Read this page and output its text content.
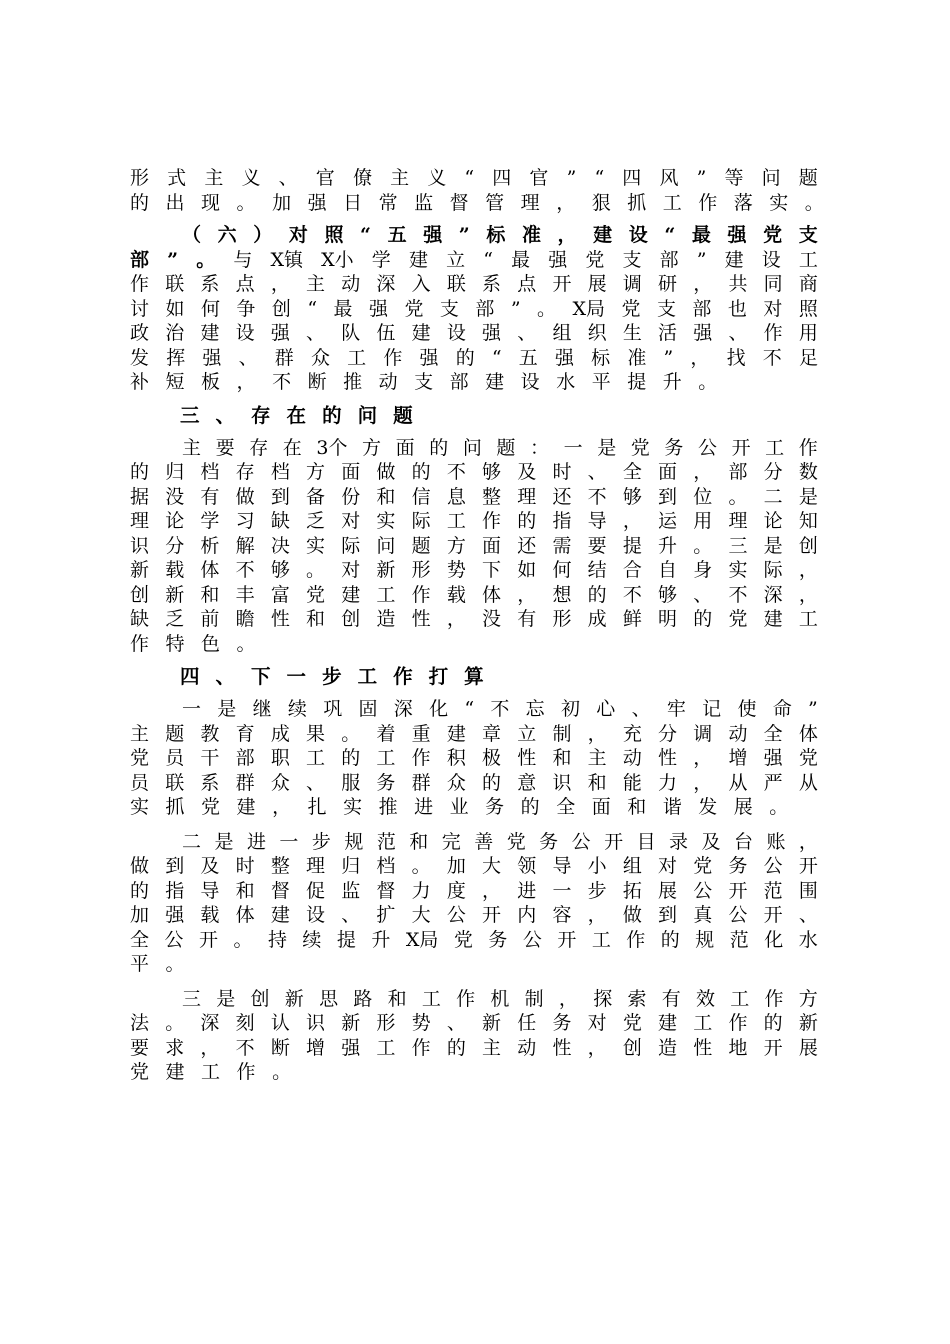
形 式 主 义 、 官 僚 主 义 “ 四 官 ” “ 四 风 ” 等 问 题
的 出 现 。 加 强 日 常 监 督 管 理 ， 狠 抓 工 作 落 实 。
（ 六 ） 对 照 “ 五 强 ” 标 准 ， 建 设 “ 最 强 党 支
部 ” 。 与 X镇 X小 学 建 立 “ 最 强 党 支 部 ” 建 设 工
作 联 系 点 ， 主 动 深 入 联 系 点 开 展 调 研 ， 共 同 商
讨 如 何 争 创 “ 最 强 党 支 部 ” 。 X局 党 支 部 也 对 照
政 治 建 设 强 、 队 伍 建 设 强 、 组 织 生 活 强 、 作 用
发 挥 强 、 群 众 工 作 强 的 “ 五 强 标 准 ” ， 找 不 足
补 短 板 ， 不 断 推 动 支 部 建 设 水 平 提 升 。
三 、 存 在 的 问 题
主 要 存 在 3个 方 面 的 问 题 ： 一 是 党 务 公 开 工 作
的 归 档 存 档 方 面 做 的 不 够 及 时 、 全 面 ， 部 分 数
据 没 有 做 到 备 份 和 信 息 整 理 还 不 够 到 位 。 二 是
理 论 学 习 缺 乏 对 实 际 工 作 的 指 导 ， 运 用 理 论 知
识 分 析 解 决 实 际 问 题 方 面 还 需 要 提 升 。 三 是 创
新 载 体 不 够 。 对 新 形 势 下 如 何 结 合 自 身 实 际 ，
创 新 和 丰 富 党 建 工 作 载 体 ， 想 的 不 够 、 不 深 ，
缺 乏 前 瞻 性 和 创 造 性 ， 没 有 形 成 鲜 明 的 党 建 工
作 特 色 。
四 、 下 一 步 工 作 打 算
一 是 继 续 巩 固 深 化 “ 不 忘 初 心 、 牢 记 使 命 ”
主 题 教 育 成 果 。 着 重 建 章 立 制 ， 充 分 调 动 全 体
党 员 干 部 职 工 的 工 作 积 极 性 和 主 动 性 ， 增 强 党
员 联 系 群 众 、 服 务 群 众 的 意 识 和 能 力 ， 从 严 从
实 抓 党 建 ， 扎 实 推 进 业 务 的 全 面 和 谐 发 展 。
二 是 进 一 步 规 范 和 完 善 党 务 公 开 目 录 及 台 账 ，
做 到 及 时 整 理 归 档 。 加 大 领 导 小 组 对 党 务 公 开
的 指 导 和 督 促 监 督 力 度 ， 进 一 步 拓 展 公 开 范 围
加 强 载 体 建 设 、 扩 大 公 开 内 容 ， 做 到 真 公 开 、
全 公 开 。 持 续 提 升 X局 党 务 公 开 工 作 的 规 范 化 水
平 。
三 是 创 新 思 路 和 工 作 机 制 ， 探 索 有 效 工 作 方
法 。 深 刻 认 识 新 形 势 、 新 任 务 对 党 建 工 作 的 新
要 求 ， 不 断 增 强 工 作 的 主 动 性 ， 创 造 性 地 开 展
党 建 工 作 。
